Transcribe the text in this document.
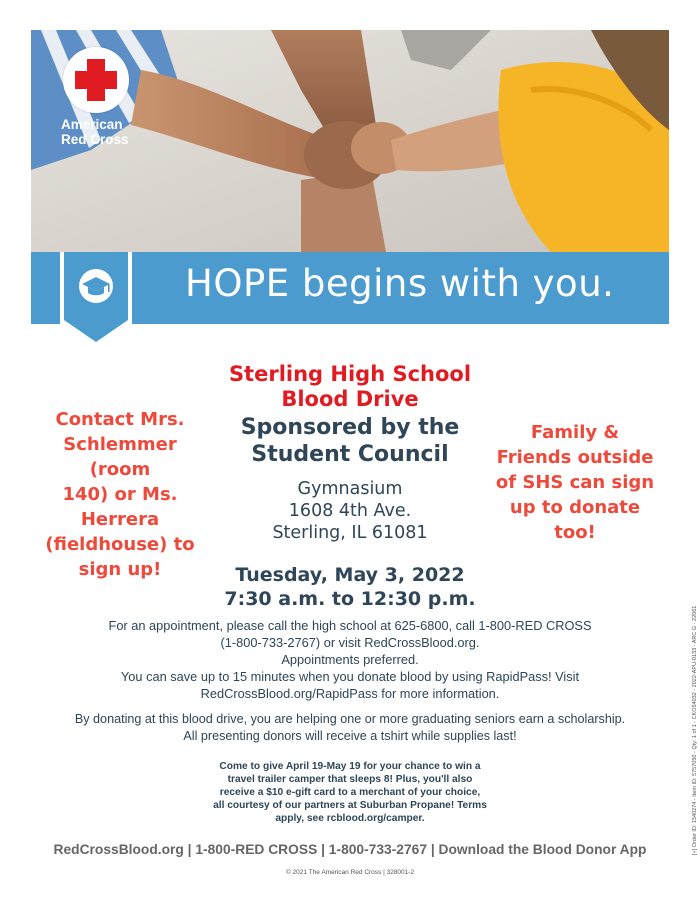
American
Red Cross
HOPE begins with you.
Sterling High School
Blood Drive
Sponsored by the
Student Council
Contact Mrs.
Schlemmer (room
140) or Ms.
Herrera
(fieldhouse) to
sign up!
Family &
Friends outside
of SHS can sign
up to donate
too!
Gymnasium
1608 4th Ave.
Sterling, IL 61081
Tuesday, May 3, 2022
7:30 a.m. to 12:30 p.m.
For an appointment, please call the high school at 625-6800, call 1-800-RED CROSS
(1-800-733-2767) or visit RedCrossBlood.org.
Appointments preferred.
You can save up to 15 minutes when you donate blood by using RapidPass! Visit
RedCrossBlood.org/RapidPass for more information.
By donating at this blood drive, you are helping one or more graduating seniors earn a scholarship.
All presenting donors will receive a tshirt while supplies last!
Come to give April 19-May 19 for your chance to win a
travel trailer camper that sleeps 8! Plus, you'll also
receive a $10 e-gift card to a merchant of your choice,
all courtesy of our partners at Suburban Propane! Terms
apply, see rcblood.org/camper.
RedCrossBlood.org | 1-800-RED CROSS | 1-800-733-2767 | Download the Blood Donor App
© 2021 The American Red Cross | 328001-2
[+] Order ID: 1540274 - Item ID: 5757050 - Qty: 1 of 1 - CKO54032 - 2022-APU-0133 - ARC G - 22061
